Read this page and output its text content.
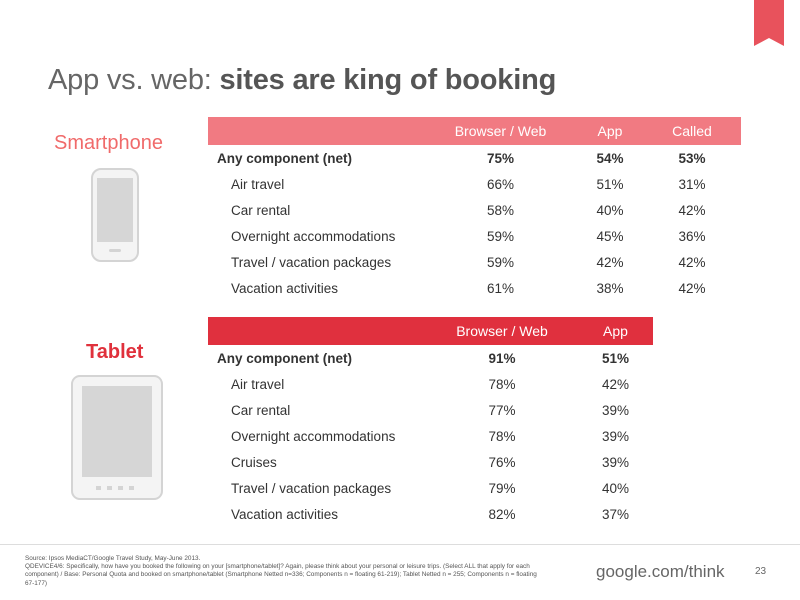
App vs. web: sites are king of booking
Smartphone
	Browser / Web	App	Called
Any component (net)	75%	54%	53%
Air travel	66%	51%	31%
Car rental	58%	40%	42%
Overnight accommodations	59%	45%	36%
Travel / vacation packages	59%	42%	42%
Vacation activities	61%	38%	42%
Tablet
	Browser / Web	App
Any component (net)	91%	51%
Air travel	78%	42%
Car rental	77%	39%
Overnight accommodations	78%	39%
Cruises	76%	39%
Travel / vacation packages	79%	40%
Vacation activities	82%	37%
Source: Ipsos MediaCT/Google Travel Study, May-June 2013.
QDEVICE4/6: Specifically, how have you booked the following on your [smartphone/tablet]? Again, please think about your personal or leisure trips. (Select ALL that apply for each
component) / Base: Personal Quota and booked on smartphone/tablet (Smartphone Netted n=336; Components n = floating 61-219); Tablet Netted n = 255; Components n = floating
67-177)
google.com/think	23
